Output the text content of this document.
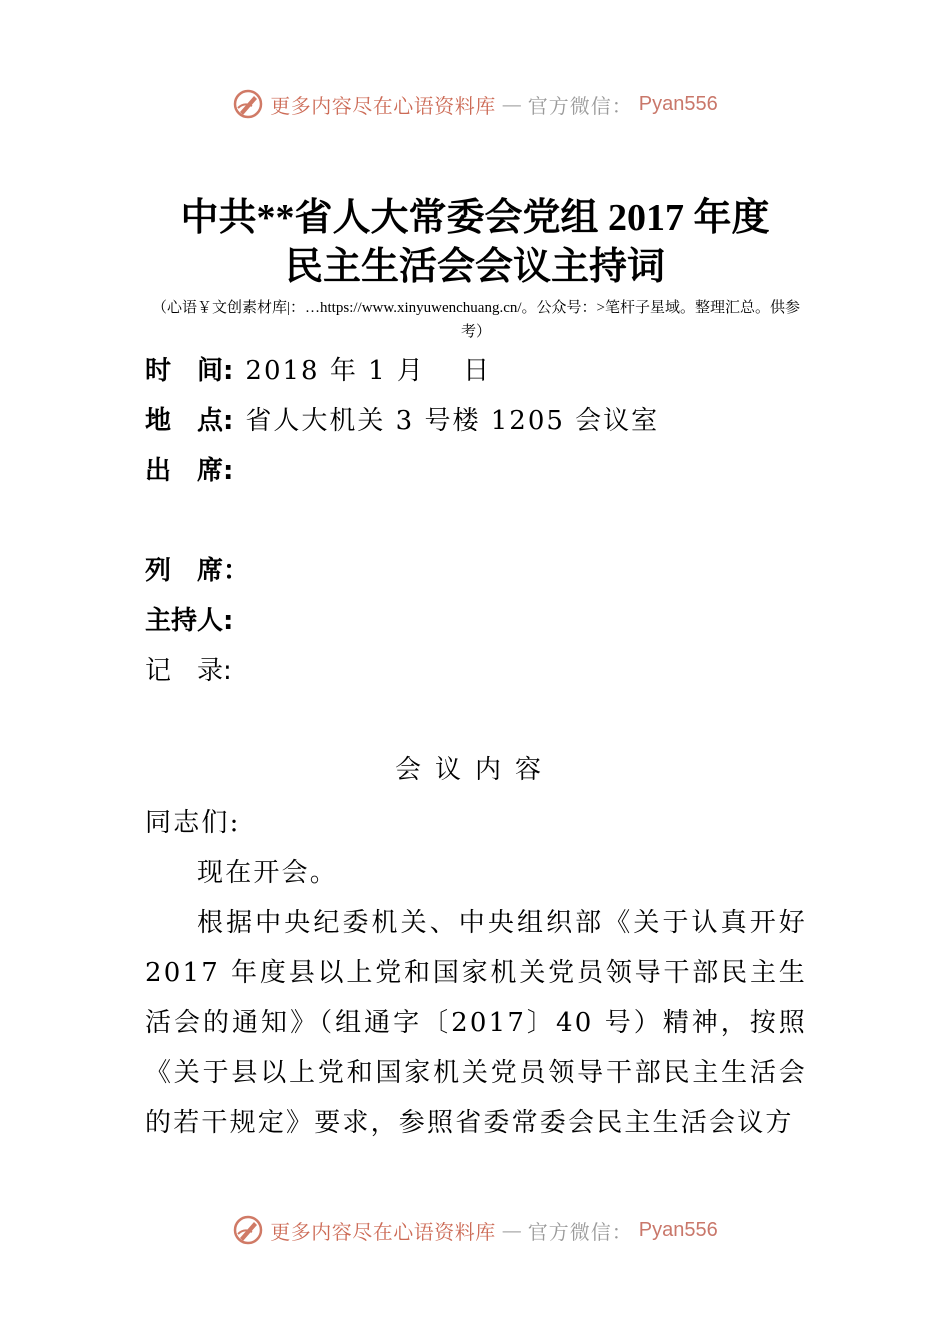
更多内容尽在心语资料库 — 官方微信： Pyan556
中共**省人大常委会党组 2017 年度
民主生活会会议主持词
（心语￥文创素材库|：…https://www.xinyuwenchuang.cn/。公众号：>笔杆子星域。整理汇总。供参考）
时　间: 2018 年 1 月　 日
地　点: 省人大机关 3 号楼 1205 会议室
出　席:
列　席：
主持人:
记　录:
会议内容
同志们:
现在开会。
根据中央纪委机关、中央组织部《关于认真开好 2017 年度县以上党和国家机关党员领导干部民主生活会的通知》（组通字〔2017〕40 号）精神，按照《关于县以上党和国家机关党员领导干部民主生活会的若干规定》要求，参照省委常委会民主生活会议方
更多内容尽在心语资料库 — 官方微信： Pyan556
